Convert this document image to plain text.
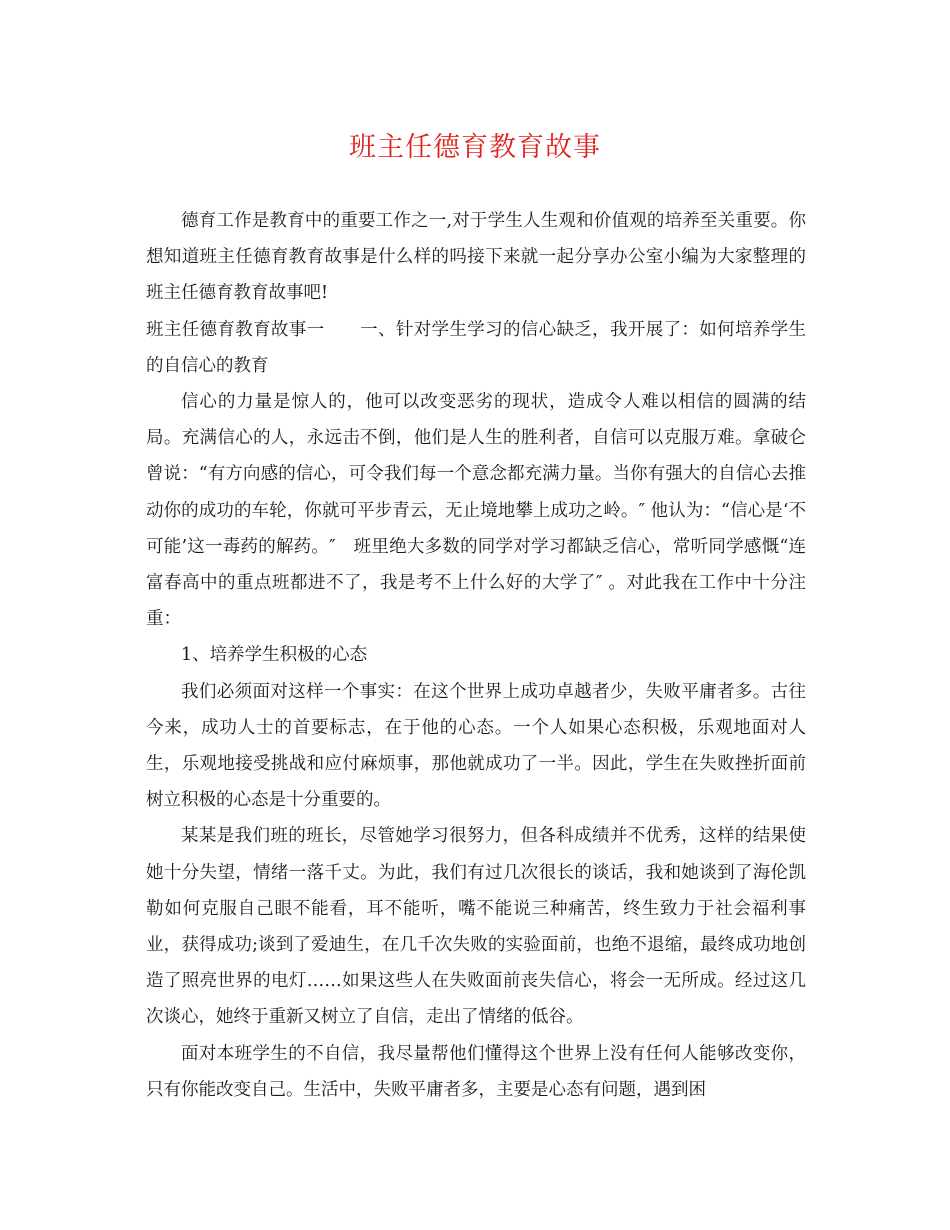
班主任德育教育故事

德育工作是教育中的重要工作之一,对于学生人生观和价值观的培养至关重要。你想知道班主任德育教育故事是什么样的吗接下来就一起分享办公室小编为大家整理的班主任德育教育故事吧!

班主任德育教育故事一　　一、针对学生学习的信心缺乏，我开展了：如何培养学生的自信心的教育

信心的力量是惊人的，他可以改变恶劣的现状，造成令人难以相信的圆满的结局。充满信心的人，永远击不倒，他们是人生的胜利者，自信可以克服万难。拿破仑曾说：“有方向感的信心，可令我们每一个意念都充满力量。当你有强大的自信心去推动你的成功的车轮，你就可平步青云，无止境地攀上成功之岭。″ 他认为：“信心是‘不可能’这一毒药的解药。″　班里绝大多数的同学对学习都缺乏信心，常听同学感慨“连富春高中的重点班都进不了，我是考不上什么好的大学了″ 。对此我在工作中十分注重：

1、培养学生积极的心态

我们必须面对这样一个事实：在这个世界上成功卓越者少，失败平庸者多。古往今来，成功人士的首要标志，在于他的心态。一个人如果心态积极，乐观地面对人生，乐观地接受挑战和应付麻烦事，那他就成功了一半。因此，学生在失败挫折面前树立积极的心态是十分重要的。

某某是我们班的班长，尽管她学习很努力，但各科成绩并不优秀，这样的结果使她十分失望，情绪一落千丈。为此，我们有过几次很长的谈话，我和她谈到了海伦凯勒如何克服自己眼不能看，耳不能听，嘴不能说三种痛苦，终生致力于社会福利事业，获得成功;谈到了爱迪生，在几千次失败的实验面前，也绝不退缩，最终成功地创造了照亮世界的电灯……如果这些人在失败面前丧失信心，将会一无所成。经过这几次谈心，她终于重新又树立了自信，走出了情绪的低谷。

面对本班学生的不自信，我尽量帮他们懂得这个世界上没有任何人能够改变你，只有你能改变自己。生活中，失败平庸者多，主要是心态有问题，遇到困
